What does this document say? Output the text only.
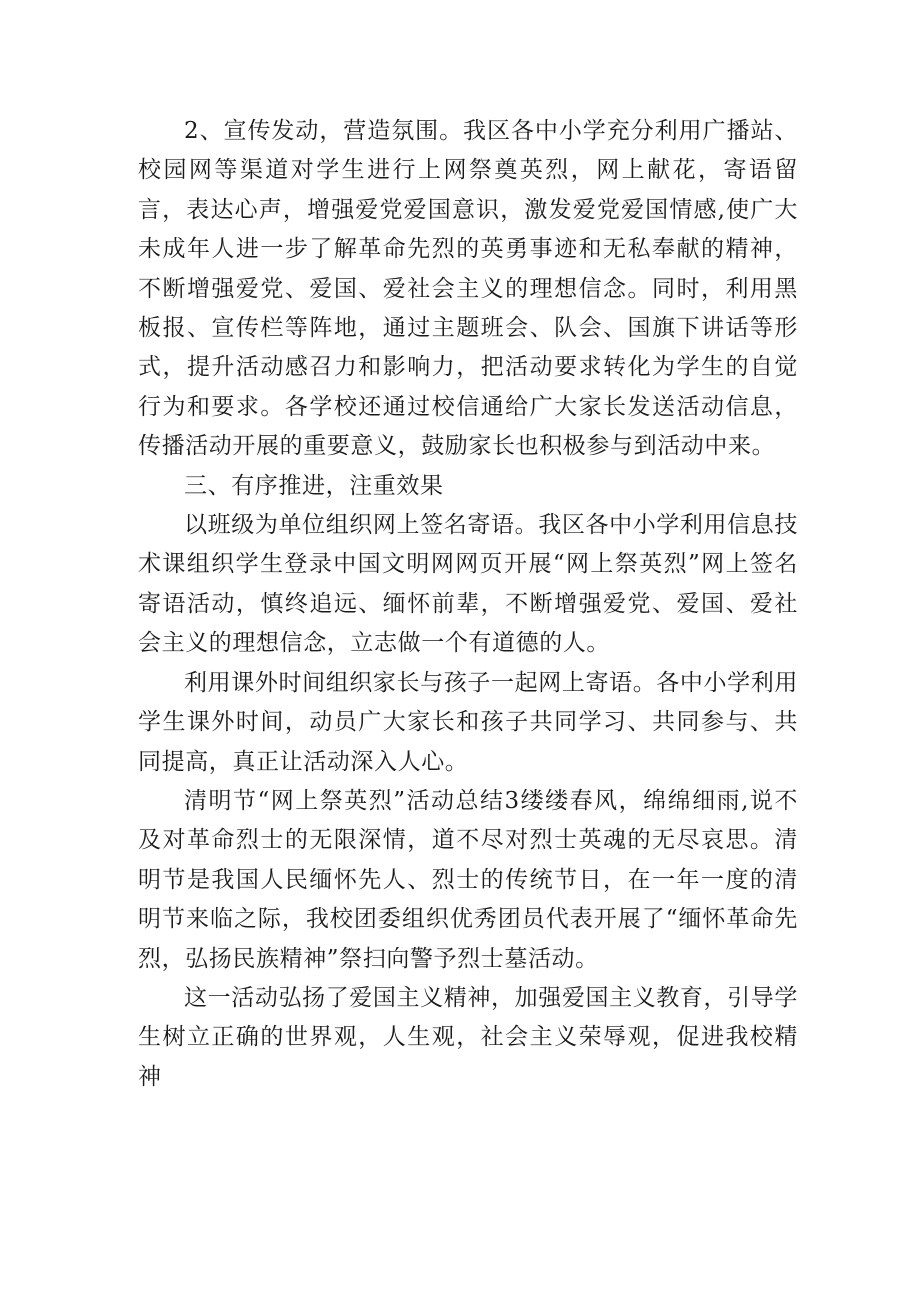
2、宣传发动，营造氛围。我区各中小学充分利用广播站、校园网等渠道对学生进行上网祭奠英烈，网上献花，寄语留言，表达心声，增强爱党爱国意识，激发爱党爱国情感,使广大未成年人进一步了解革命先烈的英勇事迹和无私奉献的精神，不断增强爱党、爱国、爱社会主义的理想信念。同时，利用黑板报、宣传栏等阵地，通过主题班会、队会、国旗下讲话等形式，提升活动感召力和影响力，把活动要求转化为学生的自觉行为和要求。各学校还通过校信通给广大家长发送活动信息，传播活动开展的重要意义，鼓励家长也积极参与到活动中来。

三、有序推进，注重效果

以班级为单位组织网上签名寄语。我区各中小学利用信息技术课组织学生登录中国文明网网页开展“网上祭英烈”网上签名寄语活动，慎终追远、缅怀前辈，不断增强爱党、爱国、爱社会主义的理想信念，立志做一个有道德的人。

利用课外时间组织家长与孩子一起网上寄语。各中小学利用学生课外时间，动员广大家长和孩子共同学习、共同参与、共同提高，真正让活动深入人心。

清明节“网上祭英烈”活动总结3缕缕春风，绵绵细雨,说不及对革命烈士的无限深情，道不尽对烈士英魂的无尽哀思。清明节是我国人民缅怀先人、烈士的传统节日，在一年一度的清明节来临之际，我校团委组织优秀团员代表开展了“缅怀革命先烈，弘扬民族精神”祭扫向警予烈士墓活动。

这一活动弘扬了爱国主义精神，加强爱国主义教育，引导学生树立正确的世界观，人生观，社会主义荣辱观，促进我校精神
